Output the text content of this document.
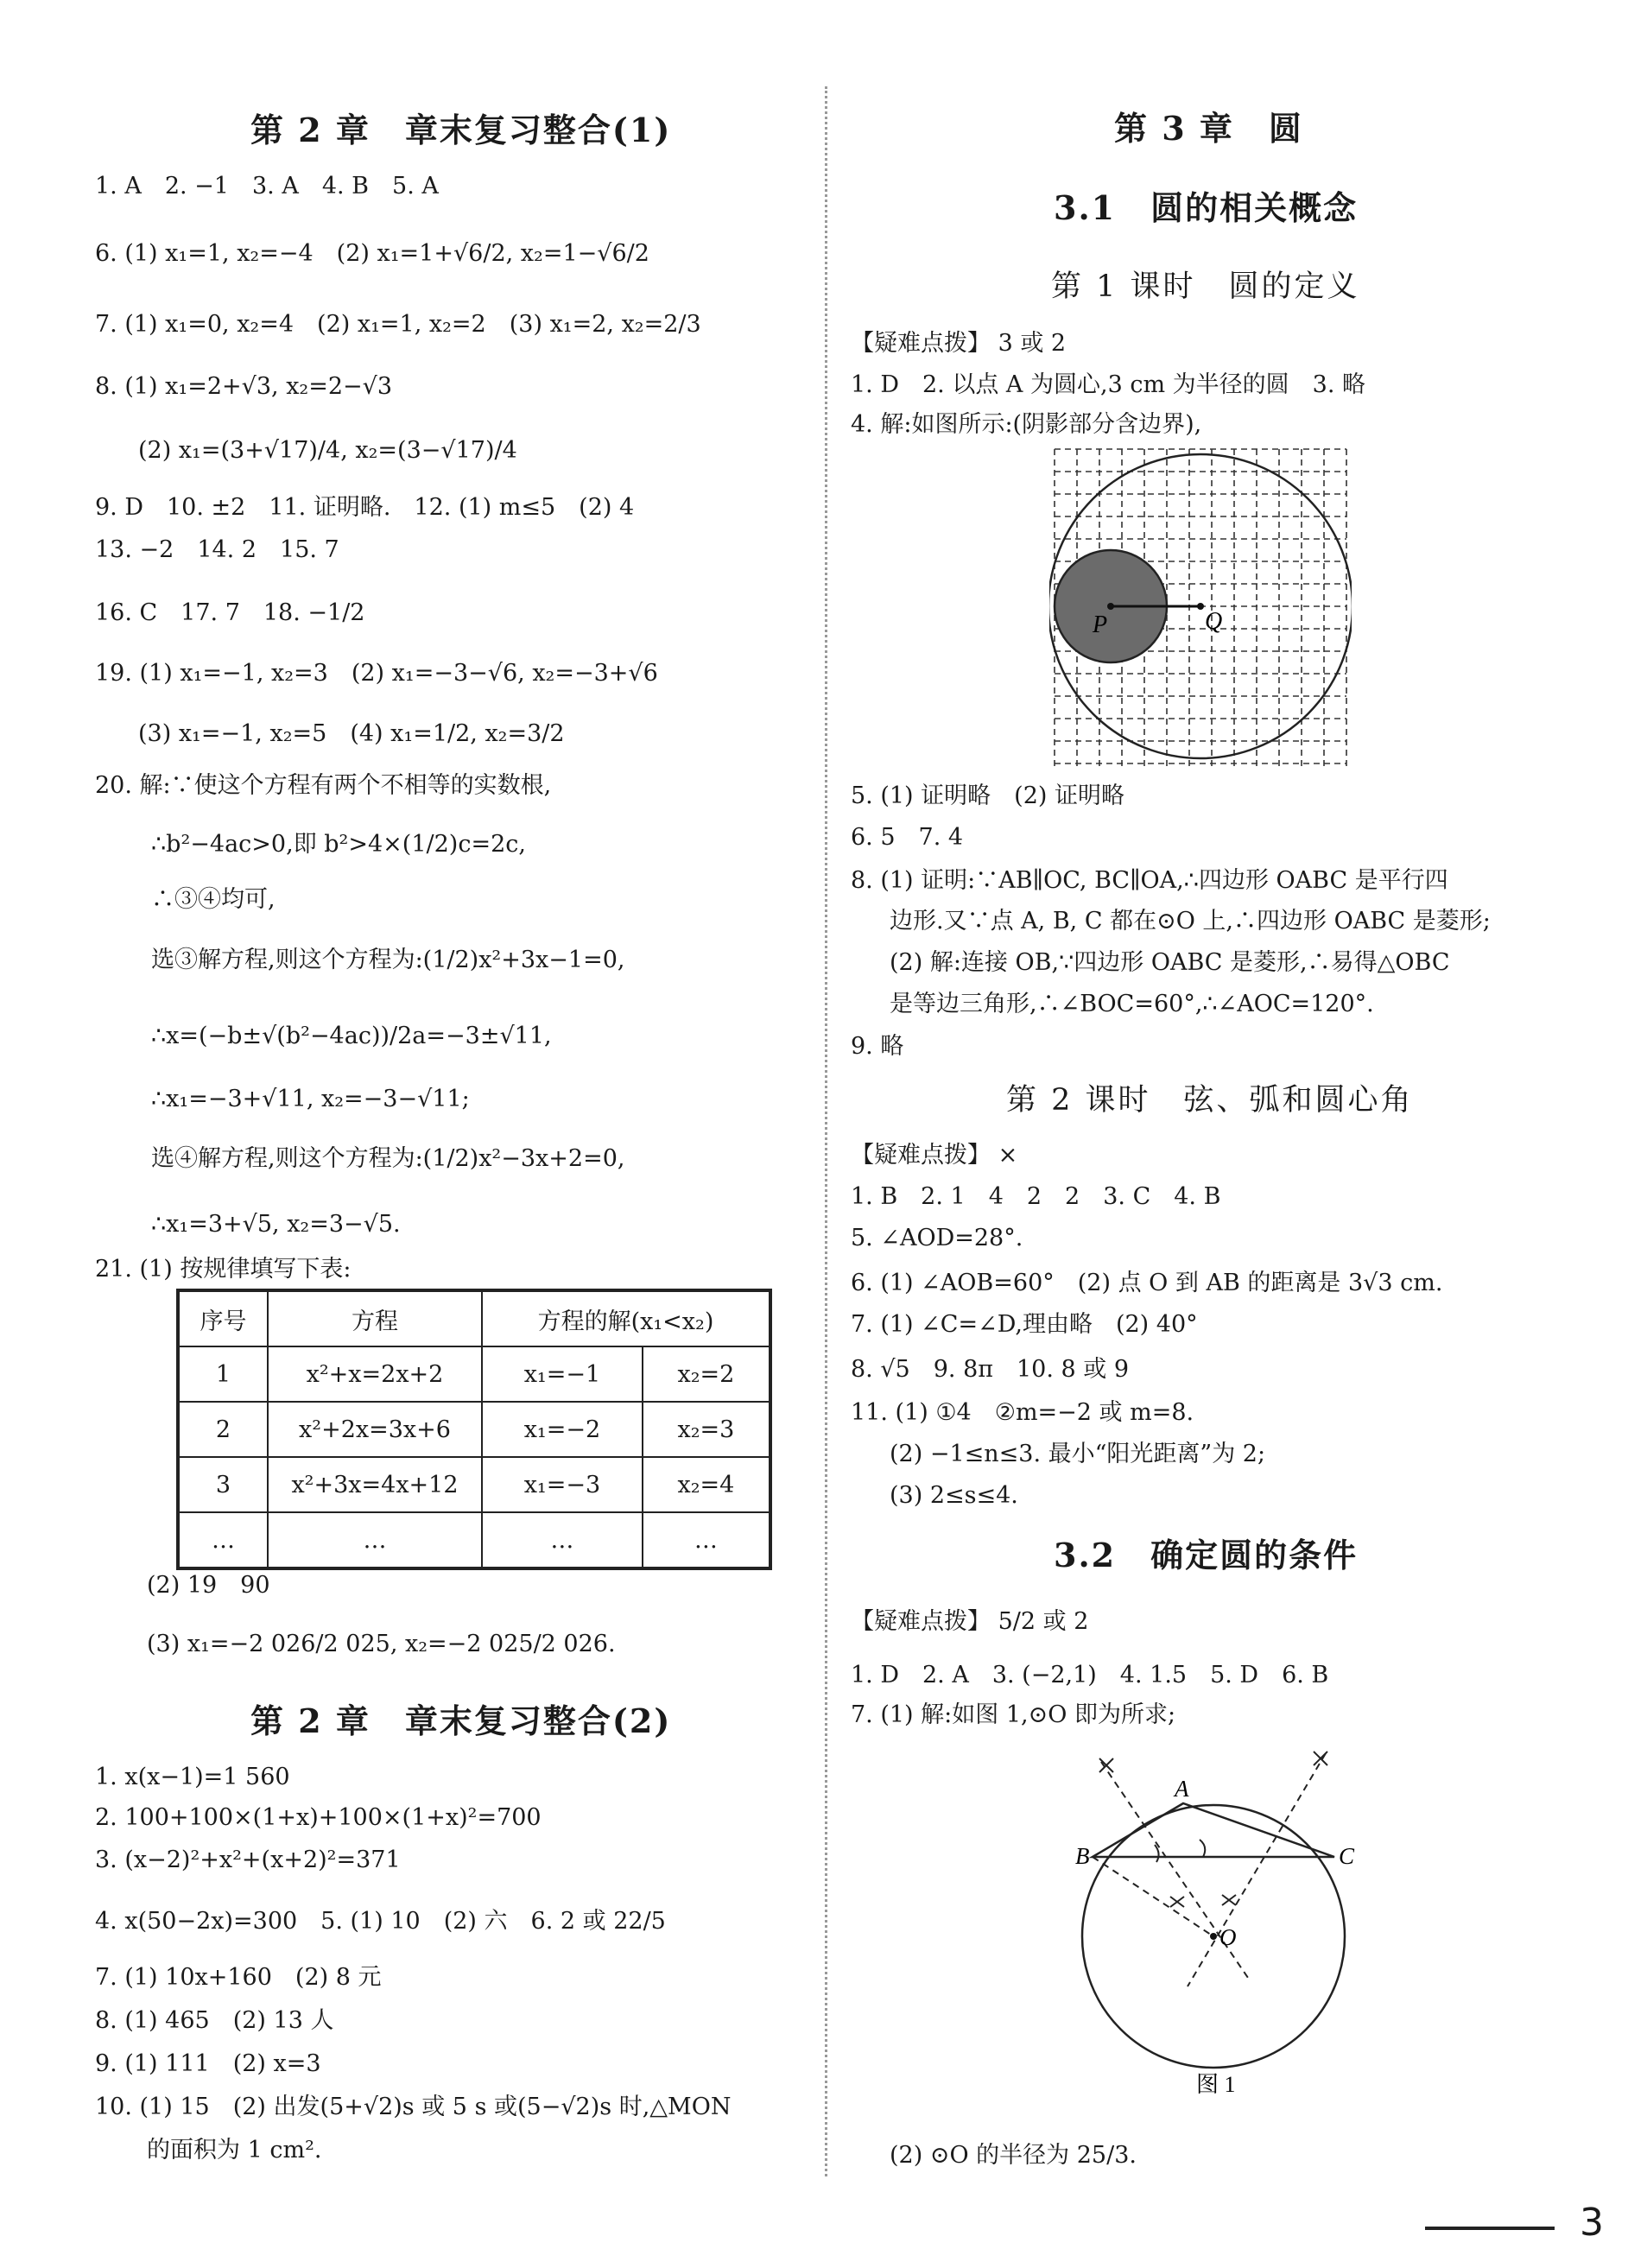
第 2 章　章末复习整合(1)
1. A　2. −1　3. A　4. B　5. A
6. (1) x₁=1, x₂=−4　(2) x₁=1+√6/2, x₂=1−√6/2
7. (1) x₁=0, x₂=4　(2) x₁=1, x₂=2　(3) x₁=2, x₂=2/3
8. (1) x₁=2+√3, x₂=2−√3
(2) x₁=(3+√17)/4, x₂=(3−√17)/4
9. D　10. ±2　11. 证明略.　12. (1) m≤5　(2) 4
13. −2　14. 2　15. 7
16. C　17. 7　18. −1/2
19. (1) x₁=−1, x₂=3　(2) x₁=−3−√6, x₂=−3+√6
(3) x₁=−1, x₂=5　(4) x₁=1/2, x₂=3/2
20. 解:∵使这个方程有两个不相等的实数根,
∴b²−4ac>0,即 b²>4×(1/2)c=2c,
∴③④均可,
选③解方程,则这个方程为:(1/2)x²+3x−1=0,
∴x=(−b±√(b²−4ac))/2a=−3±√11,
∴x₁=−3+√11, x₂=−3−√11;
选④解方程,则这个方程为:(1/2)x²−3x+2=0,
∴x₁=3+√5, x₂=3−√5.
21. (1) 按规律填写下表:
序号	方程	方程的解(x₁<x₂)	
1	x²+x=2x+2	x₁=−1	x₂=2
2	x²+2x=3x+6	x₁=−2	x₂=3
3	x²+3x=4x+12	x₁=−3	x₂=4
…	…	…	…
(2) 19　90
(3) x₁=−2 026/2 025, x₂=−2 025/2 026.
第 2 章　章末复习整合(2)
1. x(x−1)=1 560
2. 100+100×(1+x)+100×(1+x)²=700
3. (x−2)²+x²+(x+2)²=371
4. x(50−2x)=300　5. (1) 10　(2) 六　6. 2 或 22/5
7. (1) 10x+160　(2) 8 元
8. (1) 465　(2) 13 人
9. (1) 111　(2) x=3
10. (1) 15　(2) 出发(5+√2)s 或 5 s 或(5−√2)s 时,△MON
的面积为 1 cm².
第 3 章　圆
3.1　圆的相关概念
第 1 课时　圆的定义
【疑难点拨】 3 或 2
1. D　2. 以点 A 为圆心,3 cm 为半径的圆　3. 略
4. 解:如图所示:(阴影部分含边界),
P	Q
5. (1) 证明略　(2) 证明略
6. 5　7. 4
8. (1) 证明:∵AB∥OC, BC∥OA,∴四边形 OABC 是平行四
边形.又∵点 A, B, C 都在⊙O 上,∴四边形 OABC 是菱形;
(2) 解:连接 OB,∵四边形 OABC 是菱形,∴易得△OBC
是等边三角形,∴∠BOC=60°,∴∠AOC=120°.
9. 略
第 2 课时　弦、弧和圆心角
【疑难点拨】 ×
1. B　2. 1　4　2　2　3. C　4. B
5. ∠AOD=28°.
6. (1) ∠AOB=60°　(2) 点 O 到 AB 的距离是 3√3 cm.
7. (1) ∠C=∠D,理由略　(2) 40°
8. √5　9. 8π　10. 8 或 9
11. (1) ①4　②m=−2 或 m=8.
(2) −1≤n≤3. 最小“阳光距离”为 2;
(3) 2≤s≤4.
3.2　确定圆的条件
【疑难点拨】 5/2 或 2
1. D　2. A　3. (−2,1)　4. 1.5　5. D　6. B
7. (1) 解:如图 1,⊙O 即为所求;
A
B	C
O
图 1
(2) ⊙O 的半径为 25/3.
3
